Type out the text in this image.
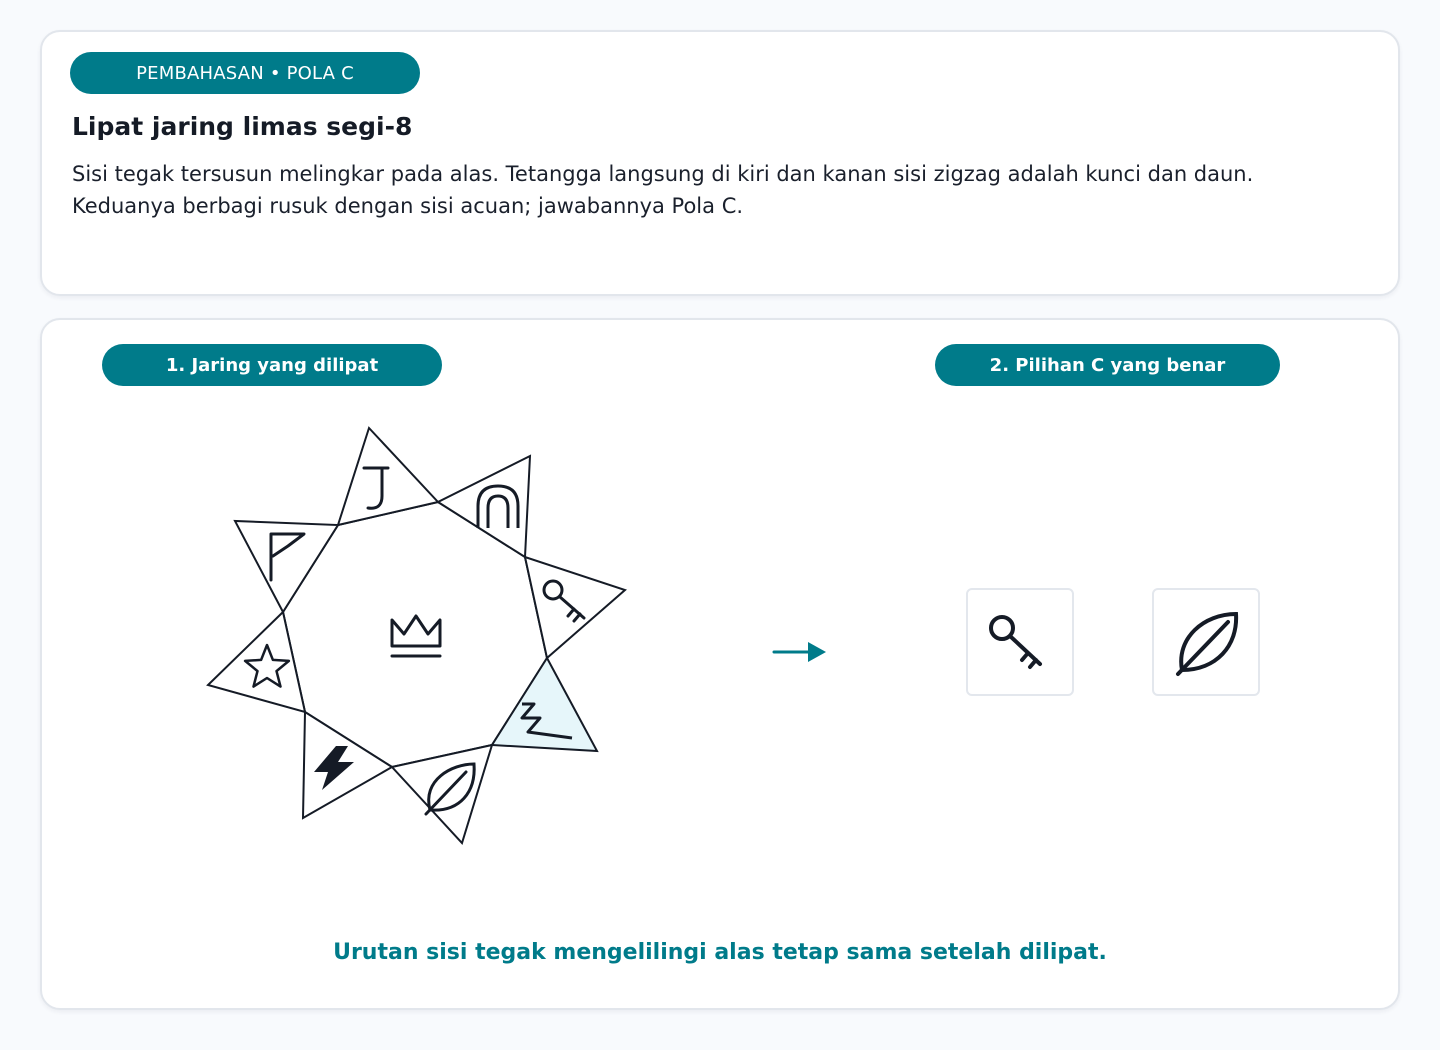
PEMBAHASAN • POLA C
Lipat jaring limas segi-8

Sisi tegak tersusun melingkar pada alas. Tetangga langsung di kiri dan kanan sisi zigzag adalah kunci dan daun. Keduanya berbagi rusuk dengan sisi acuan; jawabannya Pola C.

1. Jaring yang dilipat	2. Pilihan C yang benar

Urutan sisi tegak mengelilingi alas tetap sama setelah dilipat.
